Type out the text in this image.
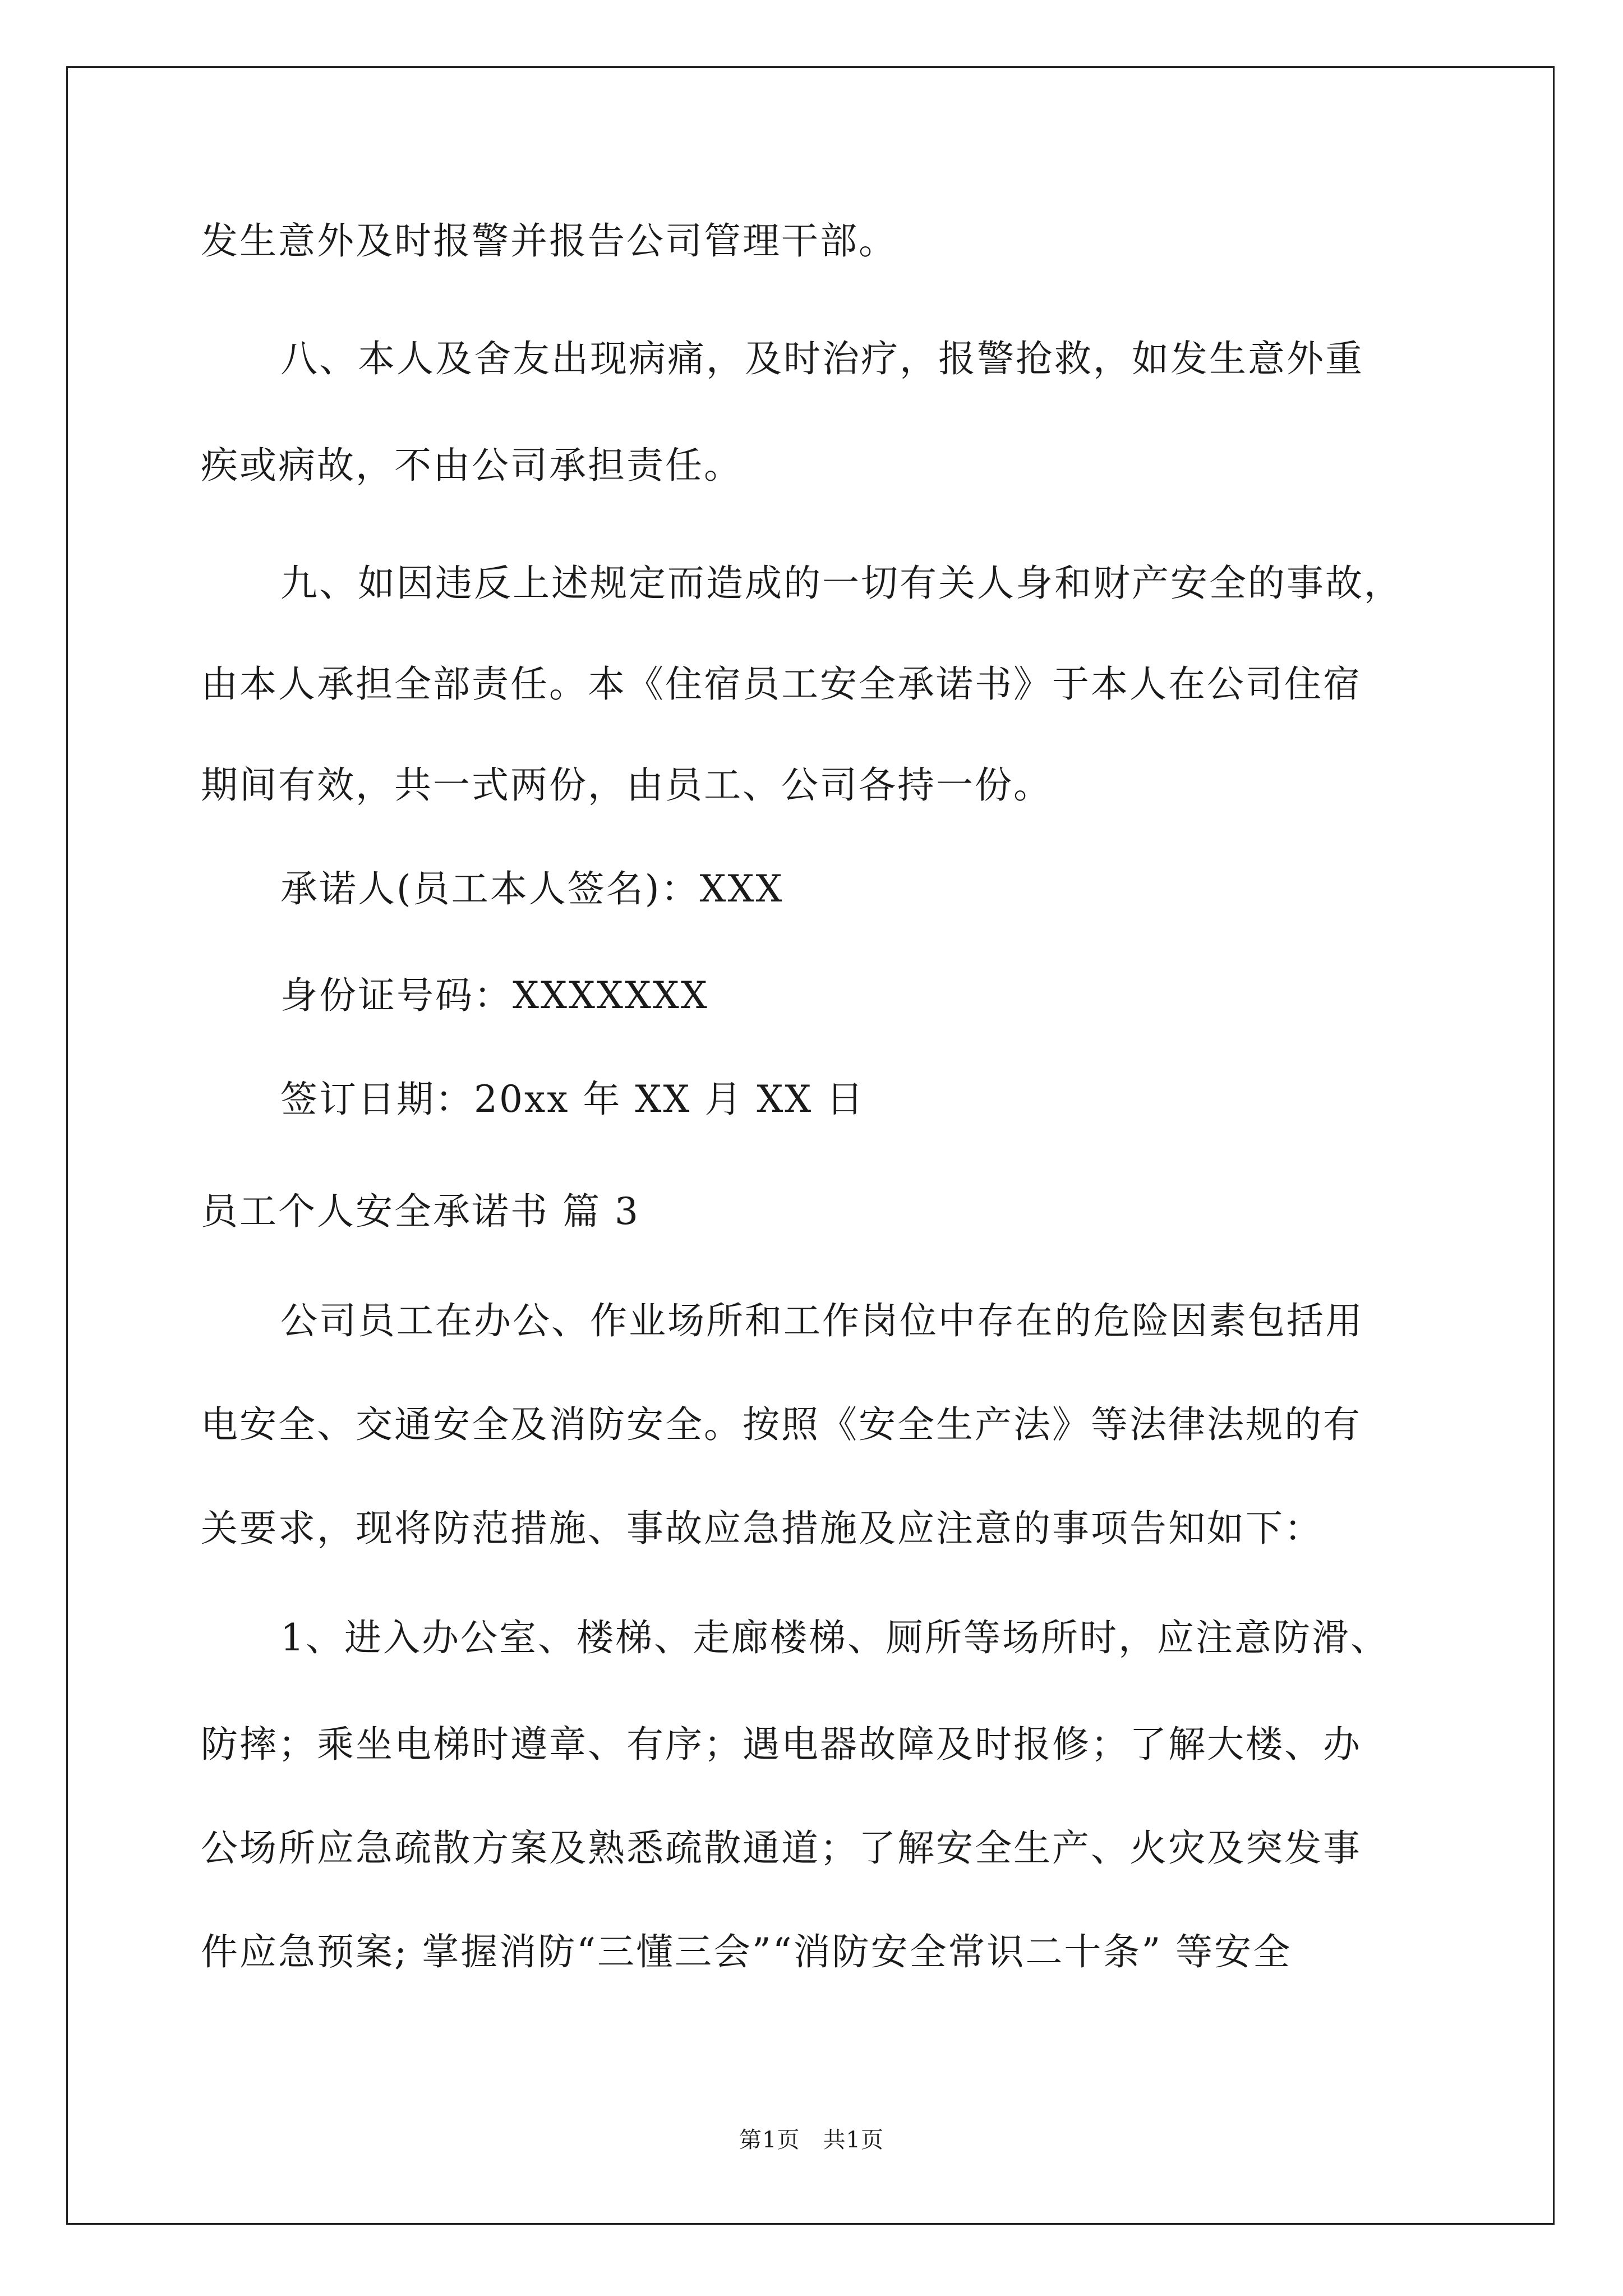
发生意外及时报警并报告公司管理干部。
八、本人及舍友出现病痛，及时治疗，报警抢救，如发生意外重
疾或病故，不由公司承担责任。
九、如因违反上述规定而造成的一切有关人身和财产安全的事故，
由本人承担全部责任。本《住宿员工安全承诺书》于本人在公司住宿
期间有效，共一式两份，由员工、公司各持一份。
承诺人(员工本人签名)：XXX
身份证号码：XXXXXXX
签订日期：20xx 年 XX 月 XX 日
员工个人安全承诺书 篇 3
公司员工在办公、作业场所和工作岗位中存在的危险因素包括用
电安全、交通安全及消防安全。按照《安全生产法》等法律法规的有
关要求，现将防范措施、事故应急措施及应注意的事项告知如下：
1、进入办公室、楼梯、走廊楼梯、厕所等场所时，应注意防滑、
防摔；乘坐电梯时遵章、有序；遇电器故障及时报修；了解大楼、办
公场所应急疏散方案及熟悉疏散通道；了解安全生产、火灾及突发事
件应急预案; 掌握消防“三懂三会”“消防安全常识二十条” 等安全
第1页　共1页
